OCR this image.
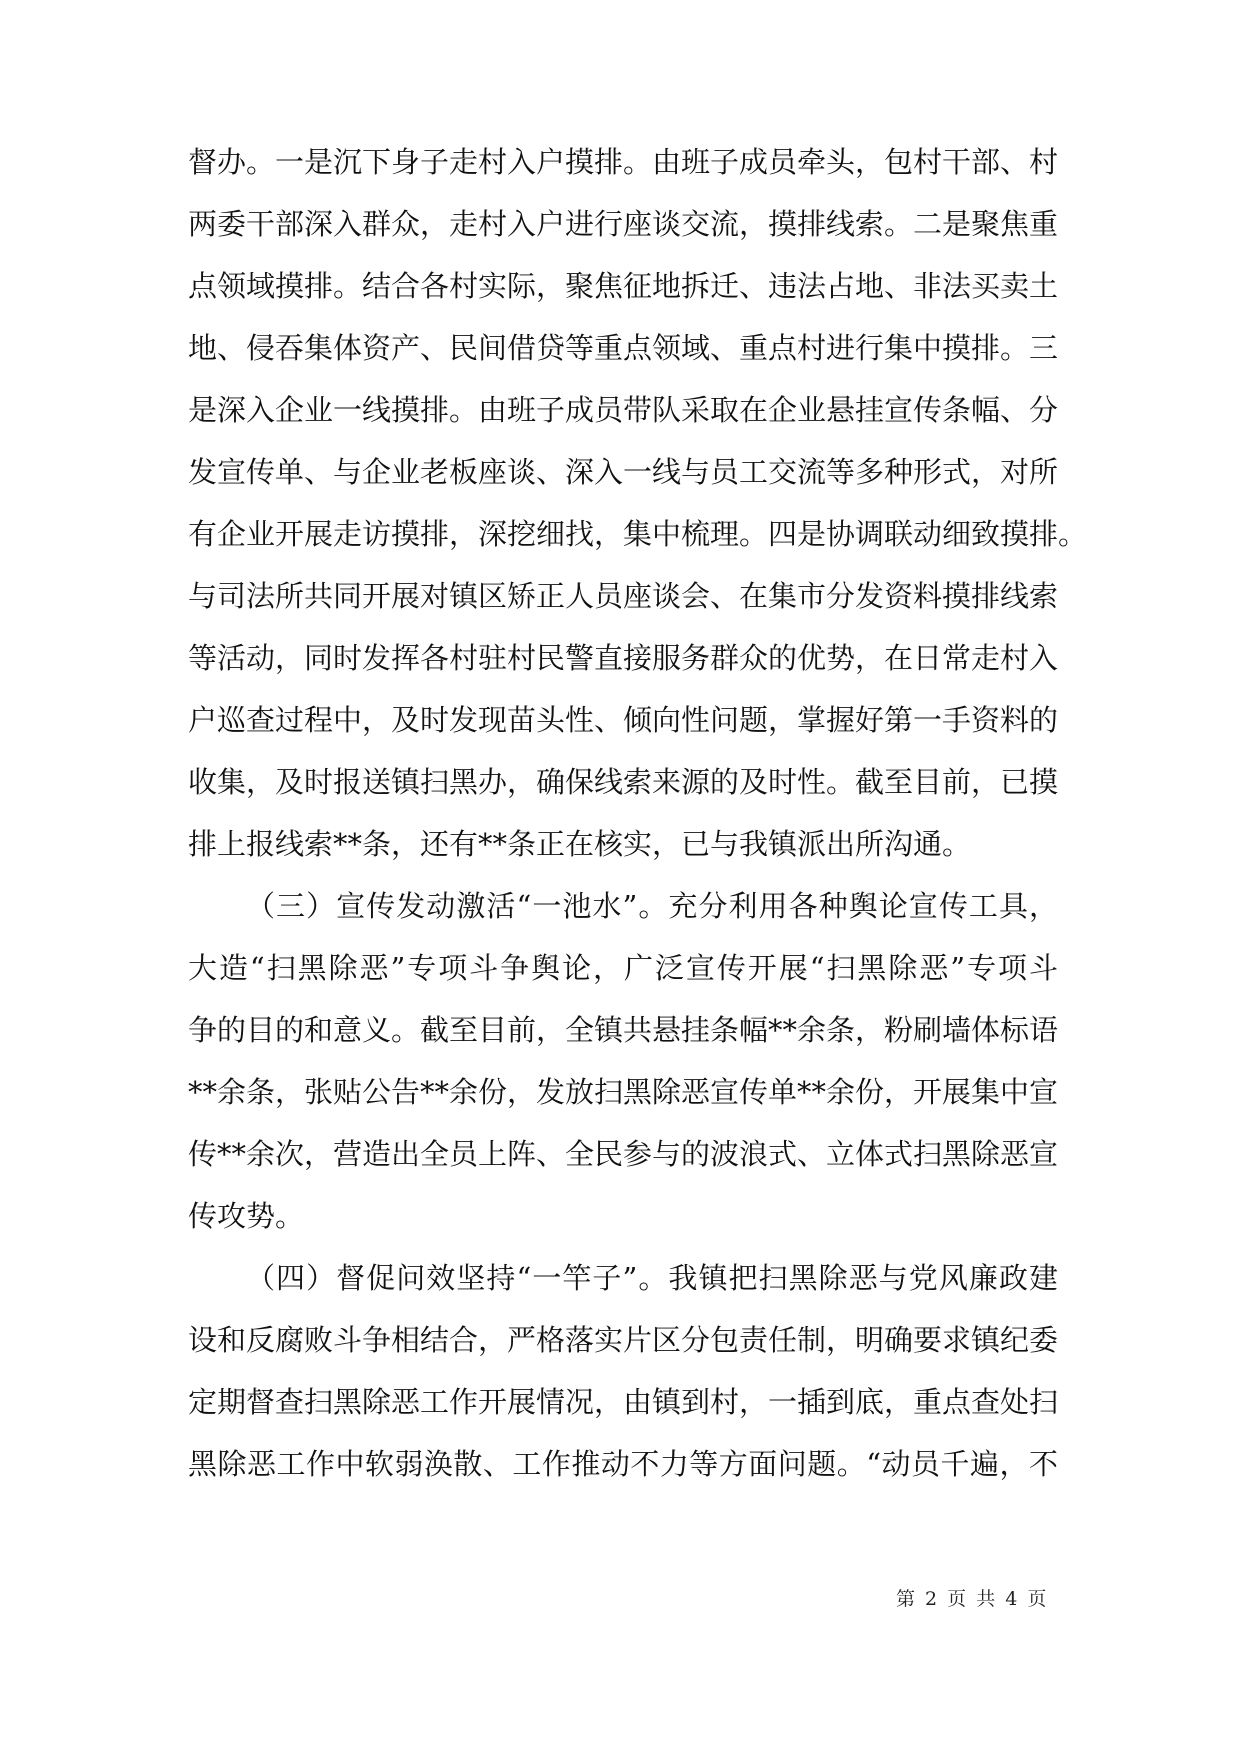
督办。一是沉下身子走村入户摸排。由班子成员牵头，包村干部、村
两委干部深入群众，走村入户进行座谈交流，摸排线索。二是聚焦重
点领域摸排。结合各村实际，聚焦征地拆迁、违法占地、非法买卖土
地、侵吞集体资产、民间借贷等重点领域、重点村进行集中摸排。三
是深入企业一线摸排。由班子成员带队采取在企业悬挂宣传条幅、分
发宣传单、与企业老板座谈、深入一线与员工交流等多种形式，对所
有企业开展走访摸排，深挖细找，集中梳理。四是协调联动细致摸排。
与司法所共同开展对镇区矫正人员座谈会、在集市分发资料摸排线索
等活动，同时发挥各村驻村民警直接服务群众的优势，在日常走村入
户巡查过程中，及时发现苗头性、倾向性问题，掌握好第一手资料的
收集，及时报送镇扫黑办，确保线索来源的及时性。截至目前，已摸
排上报线索**条，还有**条正在核实，已与我镇派出所沟通。
（三）宣传发动激活“一池水”。充分利用各种舆论宣传工具，
大造“扫黑除恶”专项斗争舆论，广泛宣传开展“扫黑除恶”专项斗
争的目的和意义。截至目前，全镇共悬挂条幅**余条，粉刷墙体标语
**余条，张贴公告**余份，发放扫黑除恶宣传单**余份，开展集中宣
传**余次，营造出全员上阵、全民参与的波浪式、立体式扫黑除恶宣
传攻势。
（四）督促问效坚持“一竿子”。我镇把扫黑除恶与党风廉政建
设和反腐败斗争相结合，严格落实片区分包责任制，明确要求镇纪委
定期督查扫黑除恶工作开展情况，由镇到村，一插到底，重点查处扫
黑除恶工作中软弱涣散、工作推动不力等方面问题。“动员千遍，不
第 2 页 共 4 页
